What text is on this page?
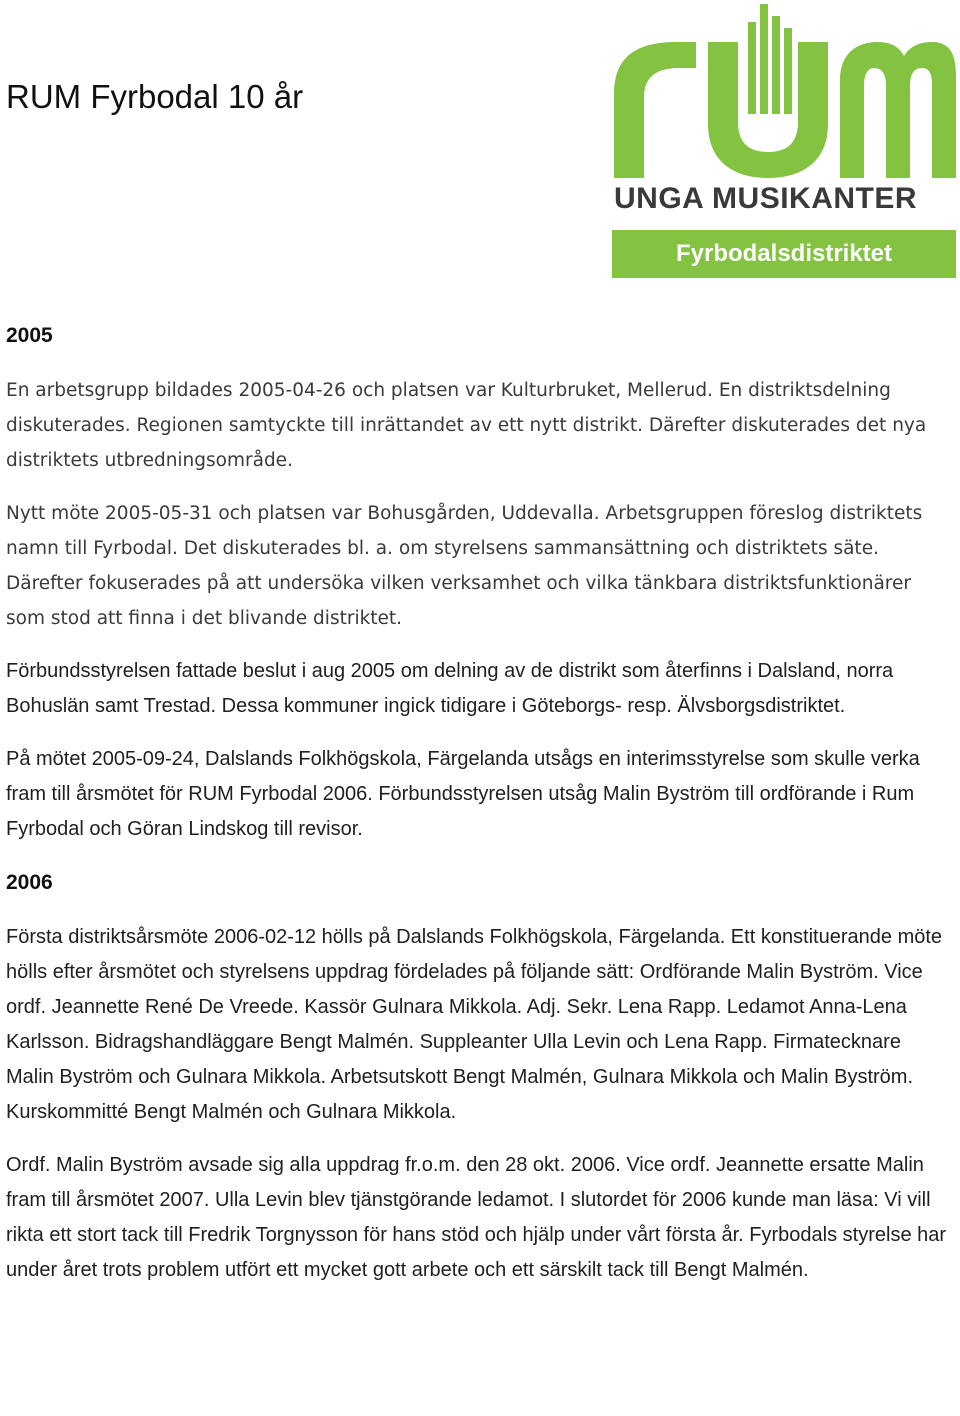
RUM Fyrbodal 10 år
UNGA MUSIKANTER
Fyrbodalsdistriktet
2005

En arbetsgrupp bildades 2005-04-26 och platsen var Kulturbruket, Mellerud. En distriktsdelning diskuterades. Regionen samtyckte till inrättandet av ett nytt distrikt. Därefter diskuterades det nya distriktets utbredningsområde.

Nytt möte 2005-05-31 och platsen var Bohusgården, Uddevalla. Arbetsgruppen föreslog distriktets namn till Fyrbodal. Det diskuterades bl. a. om styrelsens sammansättning och distriktets säte. Därefter fokuserades på att undersöka vilken verksamhet och vilka tänkbara distriktsfunktionärer som stod att finna i det blivande distriktet.

Förbundsstyrelsen fattade beslut i aug 2005 om delning av de distrikt som återfinns i Dalsland, norra Bohuslän samt Trestad. Dessa kommuner ingick tidigare i Göteborgs- resp. Älvsborgsdistriktet.

På mötet 2005-09-24, Dalslands Folkhögskola, Färgelanda utsågs en interimsstyrelse som skulle verka fram till årsmötet för RUM Fyrbodal 2006. Förbundsstyrelsen utsåg Malin Byström till ordförande i Rum Fyrbodal och Göran Lindskog till revisor.

2006

Första distriktsårsmöte 2006-02-12 hölls på Dalslands Folkhögskola, Färgelanda. Ett konstituerande möte hölls efter årsmötet och styrelsens uppdrag fördelades på följande sätt: Ordförande Malin Byström. Vice ordf. Jeannette René De Vreede. Kassör Gulnara Mikkola. Adj. Sekr. Lena Rapp. Ledamot Anna-Lena Karlsson. Bidragshandläggare Bengt Malmén. Suppleanter Ulla Levin och Lena Rapp. Firmatecknare Malin Byström och Gulnara Mikkola. Arbetsutskott Bengt Malmén, Gulnara Mikkola och Malin Byström. Kurskommitté Bengt Malmén och Gulnara Mikkola.

Ordf. Malin Byström avsade sig alla uppdrag fr.o.m. den 28 okt. 2006. Vice ordf. Jeannette ersatte Malin fram till årsmötet 2007. Ulla Levin blev tjänstgörande ledamot. I slutordet för 2006 kunde man läsa: Vi vill rikta ett stort tack till Fredrik Torgnysson för hans stöd och hjälp under vårt första år. Fyrbodals styrelse har under året trots problem utfört ett mycket gott arbete och ett särskilt tack till Bengt Malmén.
